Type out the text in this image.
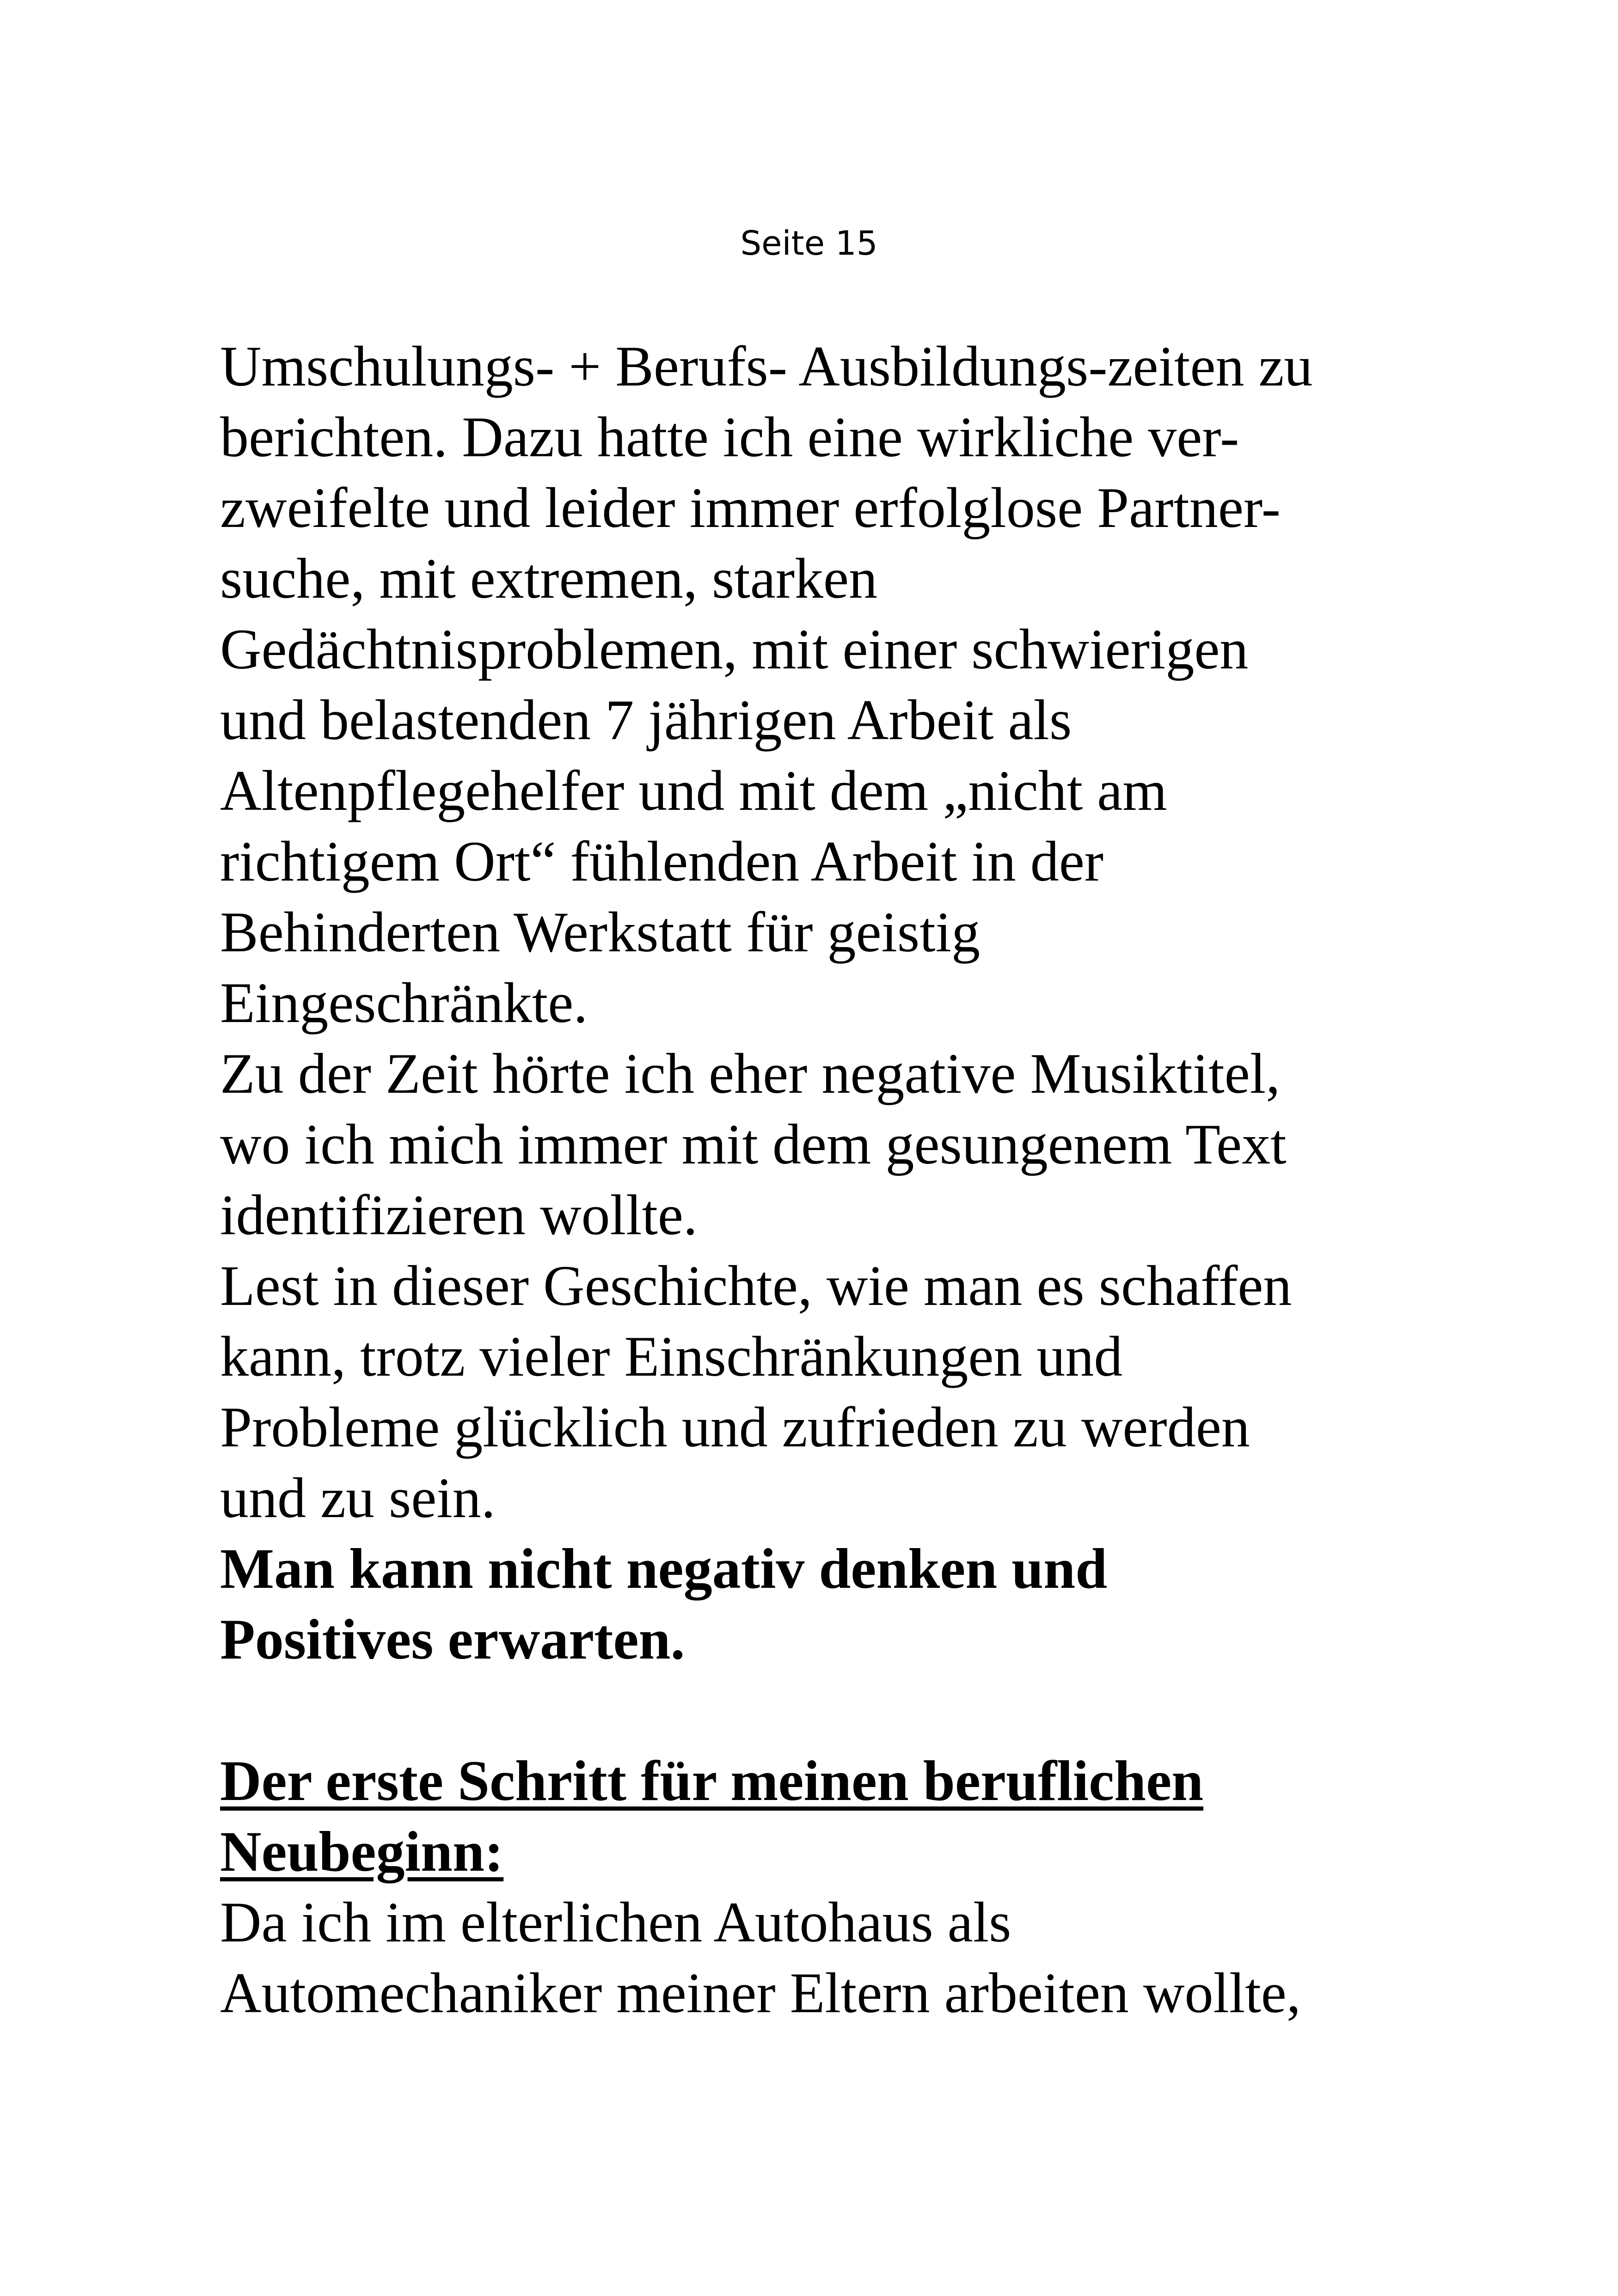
Seite 15
Umschulungs- + Berufs- Ausbildungs-zeiten zu
berichten. Dazu hatte ich eine wirkliche ver-
zweifelte und leider immer erfolglose Partner-
suche, mit extremen, starken
Gedächtnisproblemen, mit einer schwierigen
und belastenden 7 jährigen Arbeit als
Altenpflegehelfer und mit dem „nicht am
richtigem Ort“ fühlenden Arbeit in der
Behinderten Werkstatt für geistig
Eingeschränkte.
Zu der Zeit hörte ich eher negative Musiktitel,
wo ich mich immer mit dem gesungenem Text
identifizieren wollte.
Lest in dieser Geschichte, wie man es schaffen
kann, trotz vieler Einschränkungen und
Probleme glücklich und zufrieden zu werden
und zu sein.
Man kann nicht negativ denken und
Positives erwarten.
Der erste Schritt für meinen beruflichen
Neubeginn:
Da ich im elterlichen Autohaus als
Automechaniker meiner Eltern arbeiten wollte,
